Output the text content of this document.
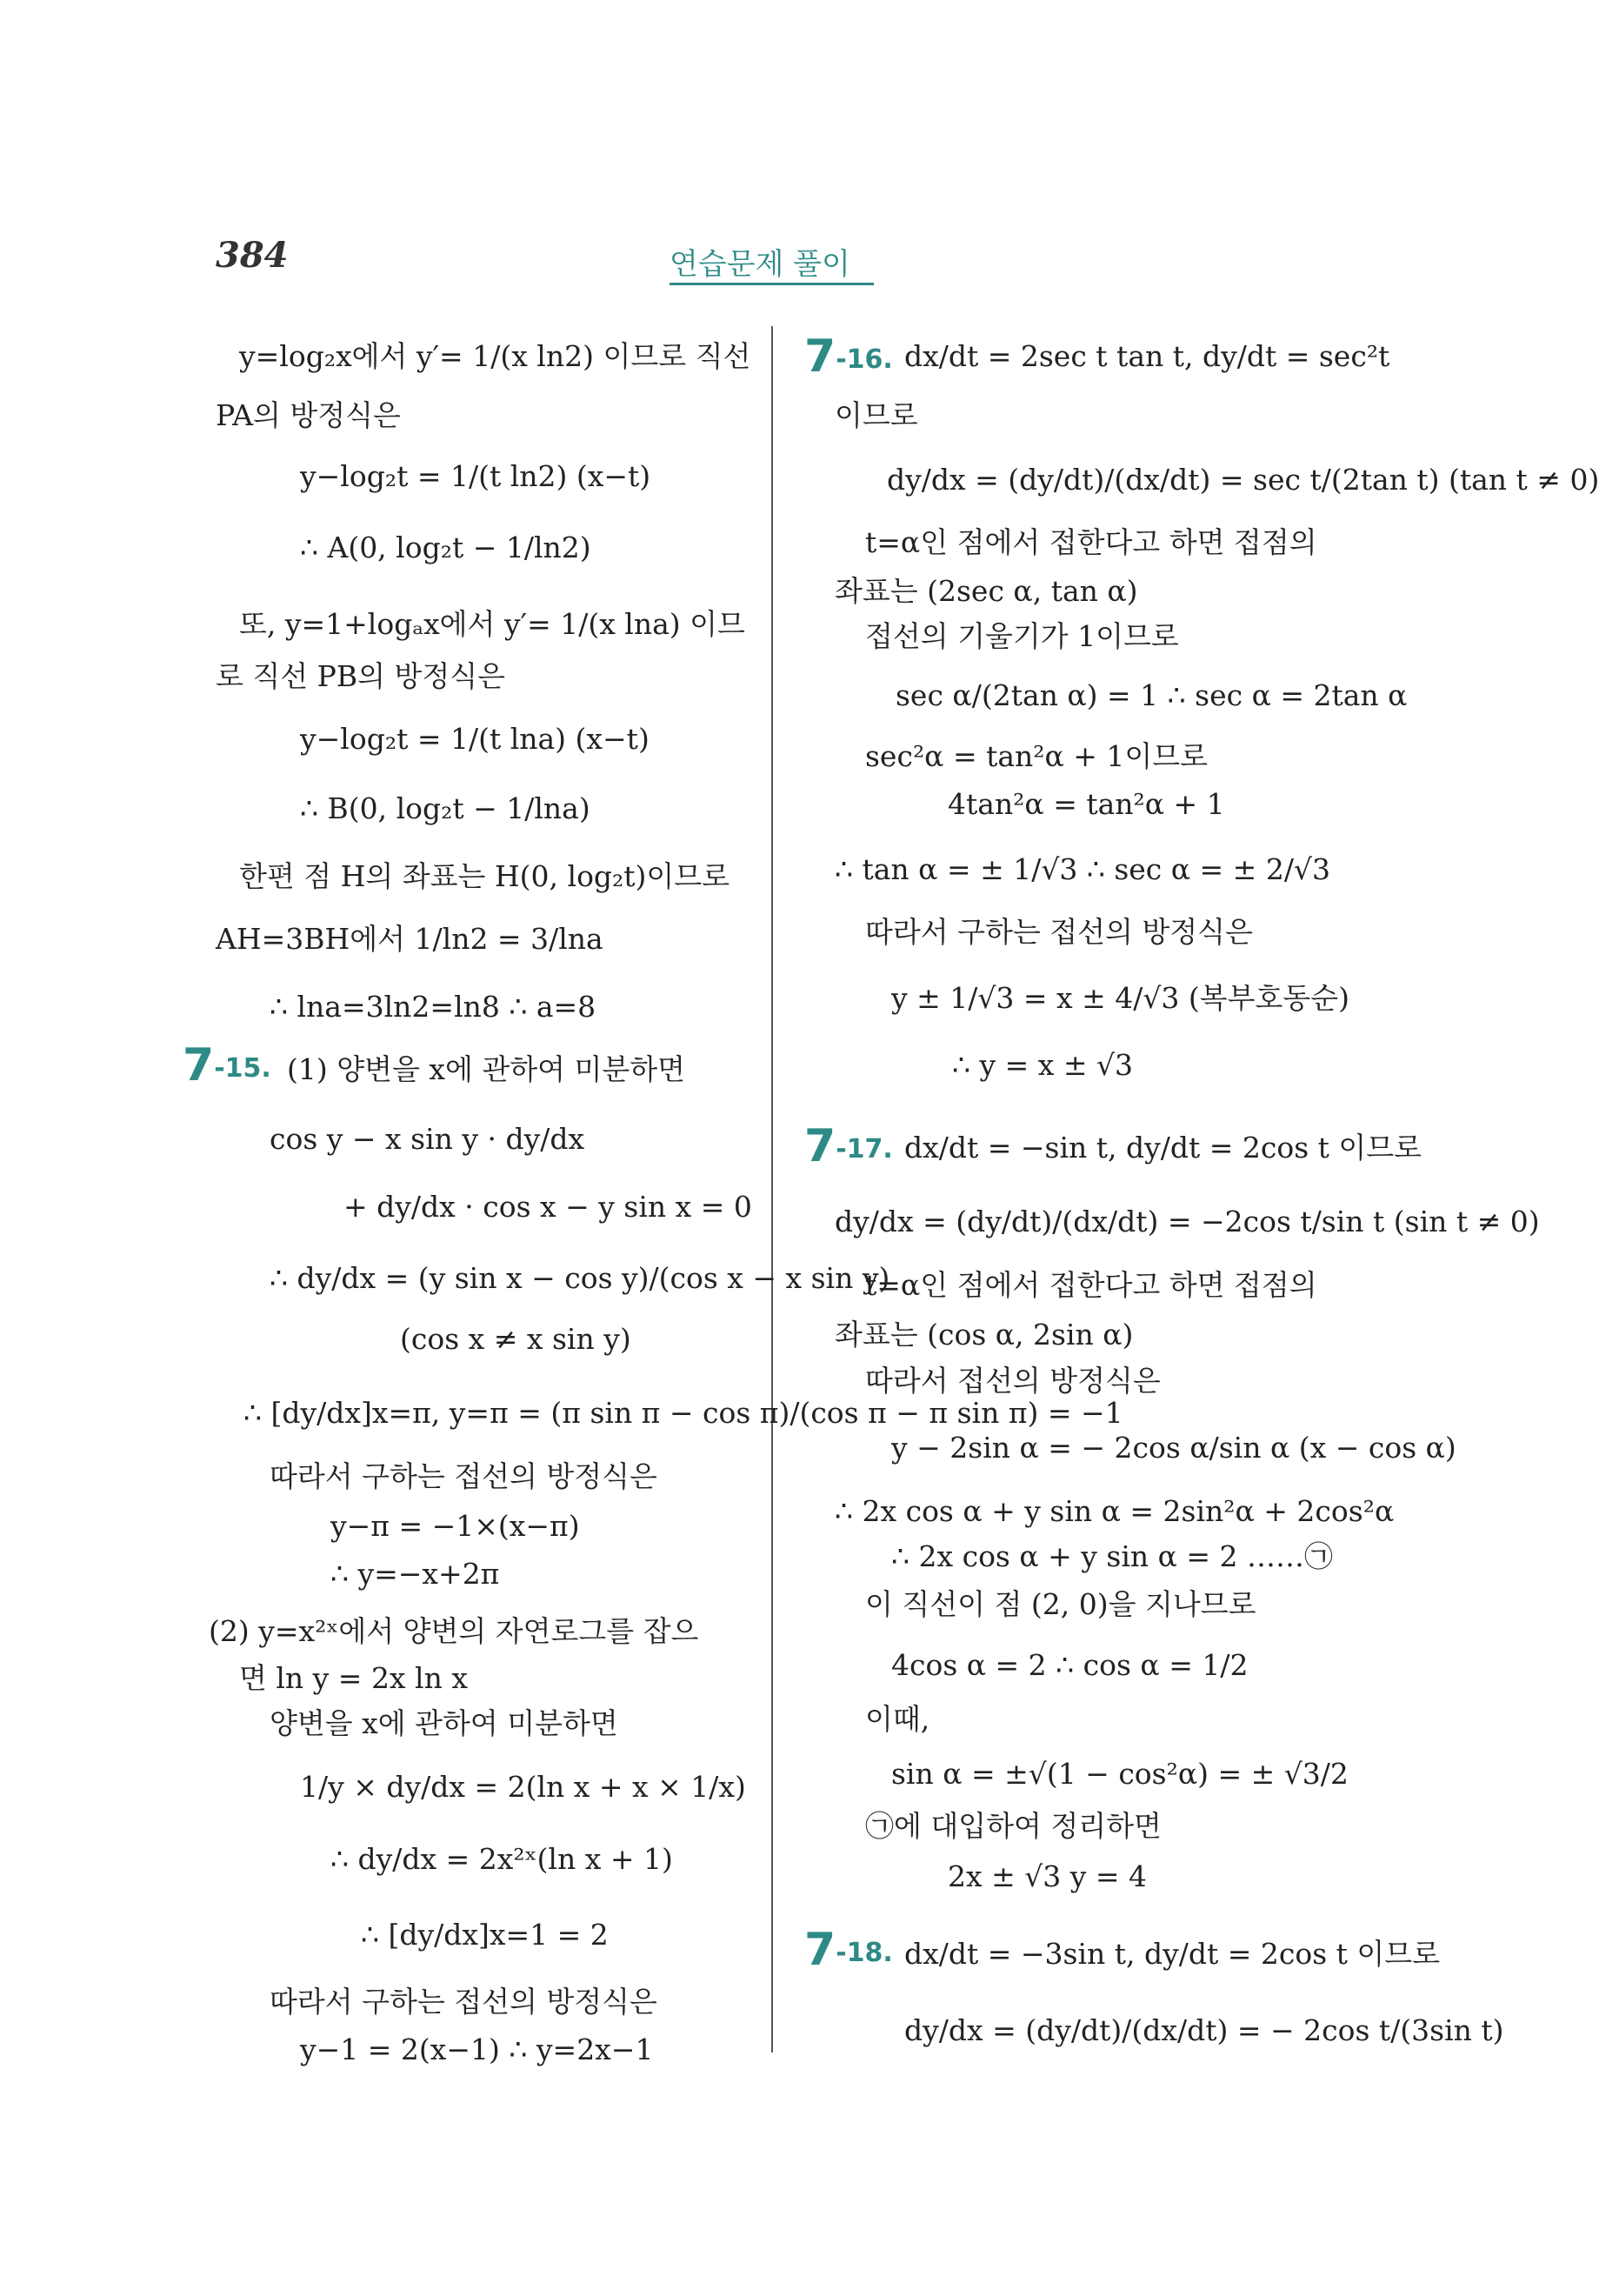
384	연습문제 풀이
y=log₂x에서 y′= 1/(x ln2) 이므로 직선
PA의 방정식은
y−log₂t = 1/(t ln2) (x−t)
∴ A(0, log₂t − 1/ln2)
또, y=1+logₐx에서 y′= 1/(x lna) 이므
로 직선 PB의 방정식은
y−log₂t = 1/(t lna) (x−t)
∴ B(0, log₂t − 1/lna)
한편 점 H의 좌표는 H(0, log₂t)이므로
AH=3BH에서 1/ln2 = 3/lna
∴ lna=3ln2=ln8 ∴ a=8
(1) 양변을 x에 관하여 미분하면
cos y − x sin y · dy/dx
+ dy/dx · cos x − y sin x = 0
∴ dy/dx = (y sin x − cos y)/(cos x − x sin y)
(cos x ≠ x sin y)
∴ [dy/dx]x=π, y=π = (π sin π − cos π)/(cos π − π sin π) = −1
따라서 구하는 접선의 방정식은
y−π = −1×(x−π)
∴ y=−x+2π
(2) y=x²ˣ에서 양변의 자연로그를 잡으
면 ln y = 2x ln x
양변을 x에 관하여 미분하면
1/y × dy/dx = 2(ln x + x × 1/x)
∴ dy/dx = 2x²ˣ(ln x + 1)
∴ [dy/dx]x=1 = 2
따라서 구하는 접선의 방정식은
y−1 = 2(x−1) ∴ y=2x−1
dx/dt = 2sec t tan t, dy/dt = sec²t
이므로
dy/dx = (dy/dt)/(dx/dt) = sec t/(2tan t) (tan t ≠ 0)
t=α인 점에서 접한다고 하면 접점의
좌표는 (2sec α, tan α)
접선의 기울기가 1이므로
sec α/(2tan α) = 1 ∴ sec α = 2tan α
sec²α = tan²α + 1이므로
4tan²α = tan²α + 1
∴ tan α = ± 1/√3 ∴ sec α = ± 2/√3
따라서 구하는 접선의 방정식은
y ± 1/√3 = x ± 4/√3 (복부호동순)
∴ y = x ± √3
dx/dt = −sin t, dy/dt = 2cos t 이므로
dy/dx = (dy/dt)/(dx/dt) = −2cos t/sin t (sin t ≠ 0)
t=α인 점에서 접한다고 하면 접점의
좌표는 (cos α, 2sin α)
따라서 접선의 방정식은
y − 2sin α = − 2cos α/sin α (x − cos α)
∴ 2x cos α + y sin α = 2sin²α + 2cos²α
∴ 2x cos α + y sin α = 2 ……㉠
이 직선이 점 (2, 0)을 지나므로
4cos α = 2 ∴ cos α = 1/2
이때,
sin α = ±√(1 − cos²α) = ± √3/2
㉠에 대입하여 정리하면
2x ± √3 y = 4
dx/dt = −3sin t, dy/dt = 2cos t 이므로
dy/dx = (dy/dt)/(dx/dt) = − 2cos t/(3sin t)
7-15.
7-16.
7-17.
7-18.
